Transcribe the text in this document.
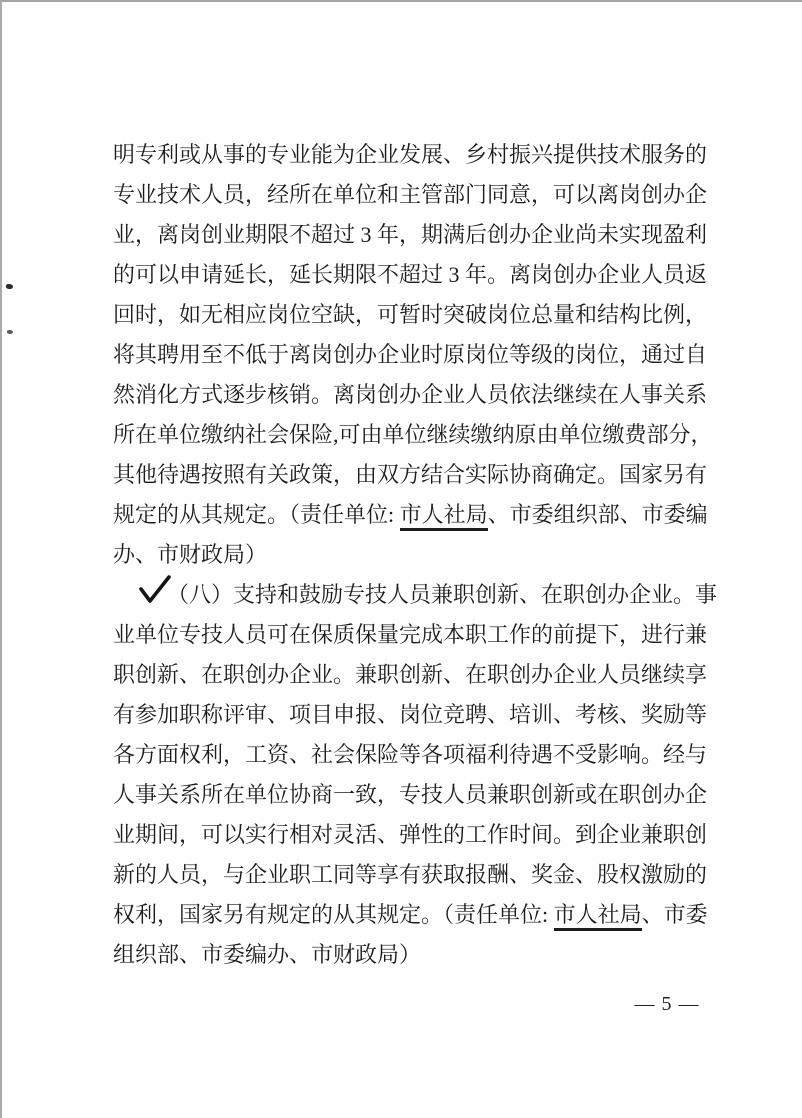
明专利或从事的专业能为企业发展、乡村振兴提供技术服务的
专业技术人员，经所在单位和主管部门同意，可以离岗创办企
业，离岗创业期限不超过 3 年，期满后创办企业尚未实现盈利
的可以申请延长，延长期限不超过 3 年。离岗创办企业人员返
回时，如无相应岗位空缺，可暂时突破岗位总量和结构比例，
将其聘用至不低于离岗创办企业时原岗位等级的岗位，通过自
然消化方式逐步核销。离岗创办企业人员依法继续在人事关系
所在单位缴纳社会保险,可由单位继续缴纳原由单位缴费部分，
其他待遇按照有关政策，由双方结合实际协商确定。国家另有
规定的从其规定。（责任单位: 市人社局、市委组织部、市委编
办、市财政局）
（八）支持和鼓励专技人员兼职创新、在职创办企业。事
业单位专技人员可在保质保量完成本职工作的前提下，进行兼
职创新、在职创办企业。兼职创新、在职创办企业人员继续享
有参加职称评审、项目申报、岗位竞聘、培训、考核、奖励等
各方面权利，工资、社会保险等各项福利待遇不受影响。经与
人事关系所在单位协商一致，专技人员兼职创新或在职创办企
业期间，可以实行相对灵活、弹性的工作时间。到企业兼职创
新的人员，与企业职工同等享有获取报酬、奖金、股权激励的
权利，国家另有规定的从其规定。（责任单位: 市人社局、市委
组织部、市委编办、市财政局）
— 5 —
